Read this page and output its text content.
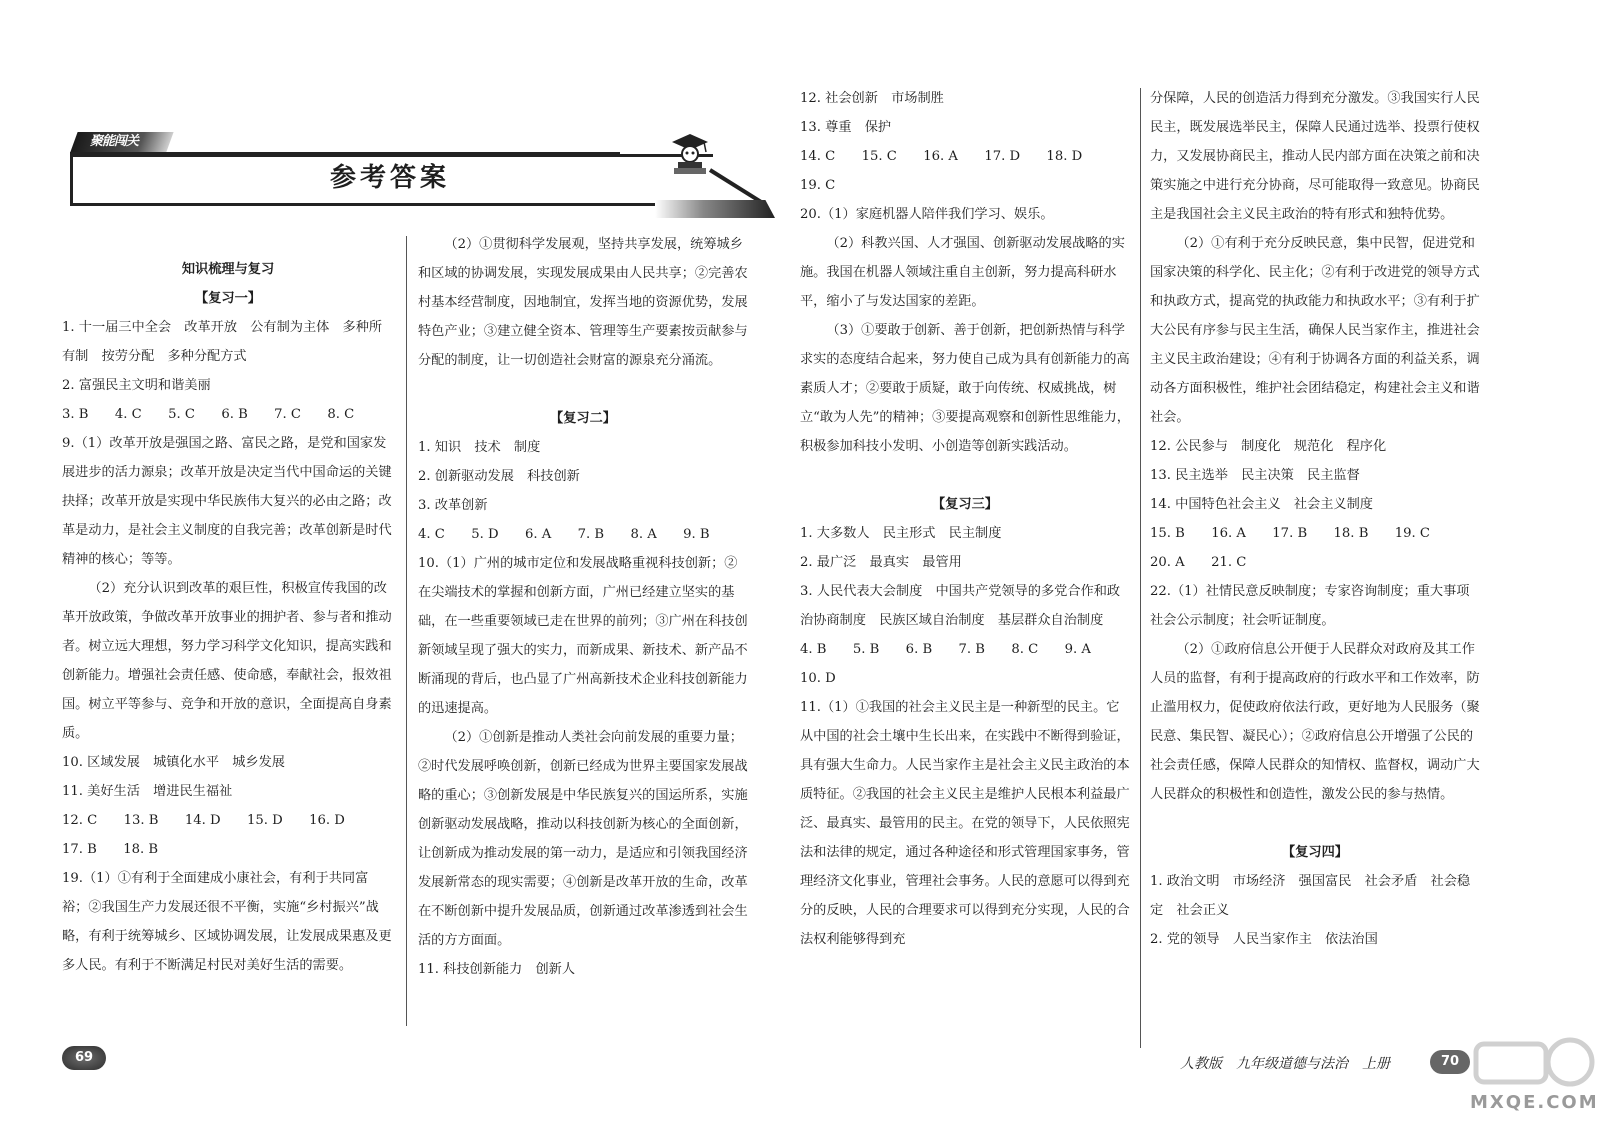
聚能闯关
参考答案

知识梳理与复习

【复习一】

1. 十一届三中全会　改革开放　公有制为主体　多种所有制　按劳分配　多种分配方式

2. 富强民主文明和谐美丽

3. B　　4. C　　5. C　　6. B　　7. C　　8. C

9.（1）改革开放是强国之路、富民之路，是党和国家发展进步的活力源泉；改革开放是决定当代中国命运的关键抉择；改革开放是实现中华民族伟大复兴的必由之路；改革是动力，是社会主义制度的自我完善；改革创新是时代精神的核心；等等。

（2）充分认识到改革的艰巨性，积极宣传我国的改革开放政策，争做改革开放事业的拥护者、参与者和推动者。树立远大理想，努力学习科学文化知识，提高实践和创新能力。增强社会责任感、使命感，奉献社会，报效祖国。树立平等参与、竞争和开放的意识，全面提高自身素质。

10. 区域发展　城镇化水平　城乡发展

11. 美好生活　增进民生福祉

12. C　　13. B　　14. D　　15. D　　16. D

17. B　　18. B

19.（1）①有利于全面建成小康社会，有利于共同富裕；②我国生产力发展还很不平衡，实施“乡村振兴”战略，有利于统筹城乡、区域协调发展，让发展成果惠及更多人民。有利于不断满足村民对美好生活的需要。

（2）①贯彻科学发展观，坚持共享发展，统筹城乡和区域的协调发展，实现发展成果由人民共享；②完善农村基本经营制度，因地制宜，发挥当地的资源优势，发展特色产业；③建立健全资本、管理等生产要素按贡献参与分配的制度，让一切创造社会财富的源泉充分涌流。

【复习二】

1. 知识　技术　制度

2. 创新驱动发展　科技创新

3. 改革创新

4. C　　5. D　　6. A　　7. B　　8. A　　9. B

10.（1）广州的城市定位和发展战略重视科技创新；②在尖端技术的掌握和创新方面，广州已经建立坚实的基础，在一些重要领域已走在世界的前列；③广州在科技创新领域呈现了强大的实力，而新成果、新技术、新产品不断涌现的背后，也凸显了广州高新技术企业科技创新能力的迅速提高。

（2）①创新是推动人类社会向前发展的重要力量；②时代发展呼唤创新，创新已经成为世界主要国家发展战略的重心；③创新发展是中华民族复兴的国运所系，实施创新驱动发展战略，推动以科技创新为核心的全面创新，让创新成为推动发展的第一动力，是适应和引领我国经济发展新常态的现实需要；④创新是改革开放的生命，改革在不断创新中提升发展品质，创新通过改革渗透到社会生活的方方面面。

11. 科技创新能力　创新人

12. 社会创新　市场制胜

13. 尊重　保护

14. C　　15. C　　16. A　　17. D　　18. D

19. C

20.（1）家庭机器人陪伴我们学习、娱乐。

（2）科教兴国、人才强国、创新驱动发展战略的实施。我国在机器人领域注重自主创新，努力提高科研水平，缩小了与发达国家的差距。

（3）①要敢于创新、善于创新，把创新热情与科学求实的态度结合起来，努力使自己成为具有创新能力的高素质人才；②要敢于质疑，敢于向传统、权威挑战，树立“敢为人先”的精神；③要提高观察和创新性思维能力，积极参加科技小发明、小创造等创新实践活动。

【复习三】

1. 大多数人　民主形式　民主制度

2. 最广泛　最真实　最管用

3. 人民代表大会制度　中国共产党领导的多党合作和政治协商制度　民族区域自治制度　基层群众自治制度

4. B　　5. B　　6. B　　7. B　　8. C　　9. A

10. D

11.（1）①我国的社会主义民主是一种新型的民主。它从中国的社会土壤中生长出来，在实践中不断得到验证，具有强大生命力。人民当家作主是社会主义民主政治的本质特征。②我国的社会主义民主是维护人民根本利益最广泛、最真实、最管用的民主。在党的领导下，人民依照宪法和法律的规定，通过各种途径和形式管理国家事务，管理经济文化事业，管理社会事务。人民的意愿可以得到充分的反映，人民的合理要求可以得到充分实现，人民的合法权利能够得到充

分保障，人民的创造活力得到充分激发。③我国实行人民民主，既发展选举民主，保障人民通过选举、投票行使权力，又发展协商民主，推动人民内部方面在决策之前和决策实施之中进行充分协商，尽可能取得一致意见。协商民主是我国社会主义民主政治的特有形式和独特优势。

（2）①有利于充分反映民意，集中民智，促进党和国家决策的科学化、民主化；②有利于改进党的领导方式和执政方式，提高党的执政能力和执政水平；③有利于扩大公民有序参与民主生活，确保人民当家作主，推进社会主义民主政治建设；④有利于协调各方面的利益关系，调动各方面积极性，维护社会团结稳定，构建社会主义和谐社会。

12. 公民参与　制度化　规范化　程序化

13. 民主选举　民主决策　民主监督

14. 中国特色社会主义　社会主义制度

15. B　　16. A　　17. B　　18. B　　19. C

20. A　　21. C

22.（1）社情民意反映制度；专家咨询制度；重大事项社会公示制度；社会听证制度。

（2）①政府信息公开便于人民群众对政府及其工作人员的监督，有利于提高政府的行政水平和工作效率，防止滥用权力，促使政府依法行政，更好地为人民服务（聚民意、集民智、凝民心）；②政府信息公开增强了公民的社会责任感，保障人民群众的知情权、监督权，调动广大人民群众的积极性和创造性，激发公民的参与热情。

【复习四】

1. 政治文明　市场经济　强国富民　社会矛盾　社会稳定　社会正义

2. 党的领导　人民当家作主　依法治国

69	人教版　九年级道德与法治　上册	70
MXQE.COM
